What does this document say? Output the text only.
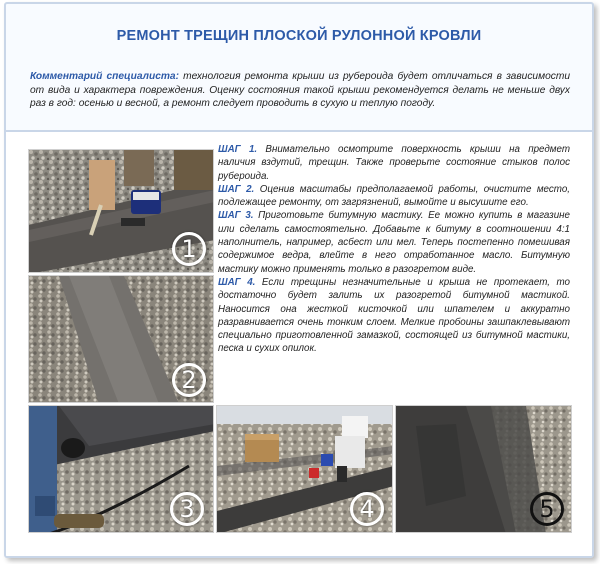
РЕМОНТ ТРЕЩИН ПЛОСКОЙ РУЛОННОЙ КРОВЛИ
Комментарий специалиста: технология ремонта крыши из рубероида будет отличаться в зависимости от вида и характера повреждения. Оценку состояния такой крыши рекомендуется делать не меньше двух раз в год: осенью и весной, а ремонт следует проводить в сухую и теплую погоду.
1
2
3	4	5

ШАГ 1. Внимательно осмотрите поверхность крыши на предмет наличия вздутий, трещин. Также проверьте состояние стыков полос рубероида.

ШАГ 2. Оценив масштабы предполагаемой работы, очистите место, подлежащее ремонту, от загрязнений, вымойте и высушите его.

ШАГ 3. Приготовьте битумную мастику. Ее можно купить в магазине или сделать самостоятельно. Добавьте к битуму в соотношении 4:1 наполнитель, например, асбест или мел. Теперь постепенно помешивая содержимое ведра, влейте в него отработанное масло. Битумную мастику можно применять только в разогретом виде.

ШАГ 4. Если трещины незначительные и крыша не протекает, то достаточно будет залить их разогретой битумной мастикой. Наносится она жесткой кисточкой или шпателем и аккуратно разравнивается очень тонким слоем. Мелкие пробоины зашпаклевывают специально приготовленной замазкой, состоящей из битумной мастики, песка и сухих опилок.
